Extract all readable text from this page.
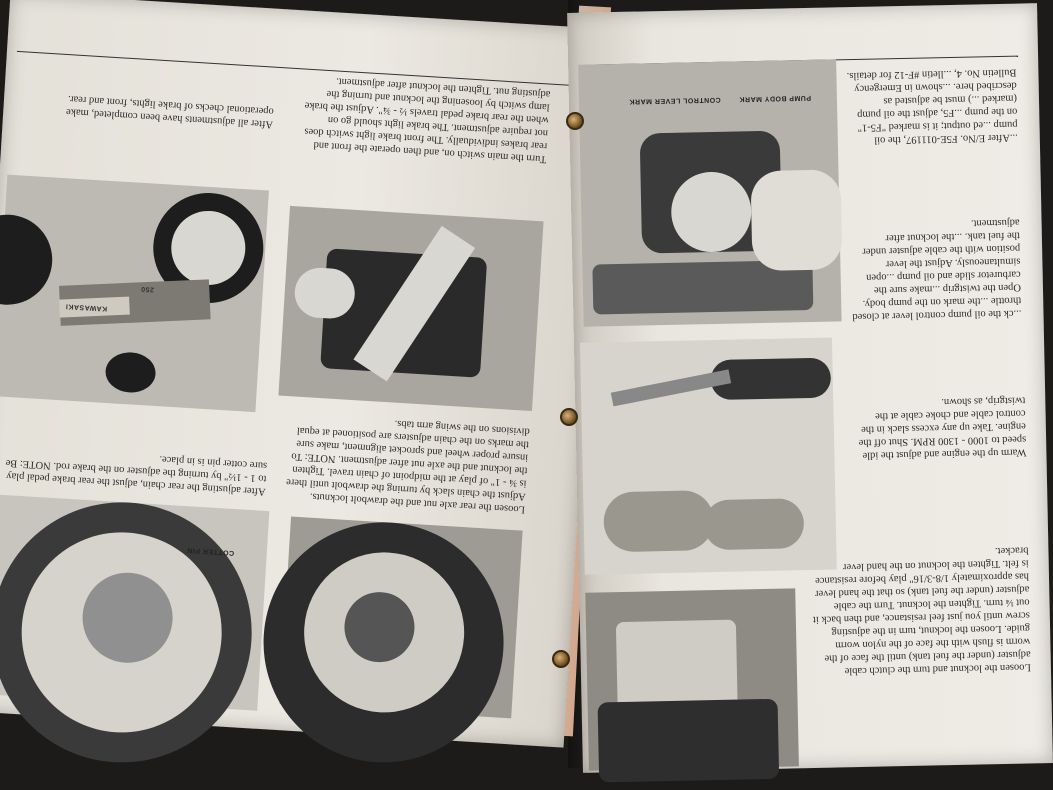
After all adjustments have been completed, make operational checks of brake lights, front and rear.
Turn the main switch on, and then operate the front and rear brakes individually. The front brake light switch does not require adjustment. The brake light should go on when the rear brake pedal travels ½ - ¾". Adjust the brake lamp switch by loosening the locknut and turning the adjusting nut. Tighten the locknut after adjustment.
KAWASAKI
250
Loosen the rear axle nut and the drawbolt locknuts. Adjust the chain slack by turning the drawbolt until there is ¾ - 1" of play at the midpoint of chain travel. Tighten the locknut and the axle nut after adjustment. NOTE: To insure proper wheel and sprocket alignment, make sure the marks on the chain adjusters are positioned at equal divisions on the swing arm tabs.
After adjusting the rear chain, adjust the rear brake pedal play to 1 - 1½" by turning the adjuster on the brake rod. NOTE: Be sure cotter pin is in place.
COTTER PIN
CONTROL LEVER MARK	PUMP BODY MARK
...After E/No. F5E-011197, the oil pump ...ed output; it is marked "F5-1" on the pump ...F5, adjust the oil pump (marked ...) must be adjusted as described here. ...shown in Emergency Bulletin No. 4, ...lletin #F-12 for details.
...ck the oil pump control lever at closed throttle ...the mark on the pump body. Open the twistgrip ...make sure the carburetor slide and oil pump ...open simultaneously. Adjust the lever position with the cable adjuster under the fuel tank. ...the locknut after adjustment.
Warm up the engine and adjust the idle speed to 1000 - 1300 RPM. Shut off the engine. Take up any excess slack in the control cable and choke cable at the twistgrip, as shown.
Loosen the locknut and turn the clutch cable adjuster (under the fuel tank) until the face of the worm is flush with the face of the nylon worm guide. Loosen the locknut, turn in the adjusting screw until you just feel resistance, and then back it out ¼ turn. Tighten the locknut. Turn the cable adjuster (under the fuel tank) so that the hand lever has approximately 1/8-3/16" play before resistance is felt. Tighten the locknut on the hand lever bracket.
